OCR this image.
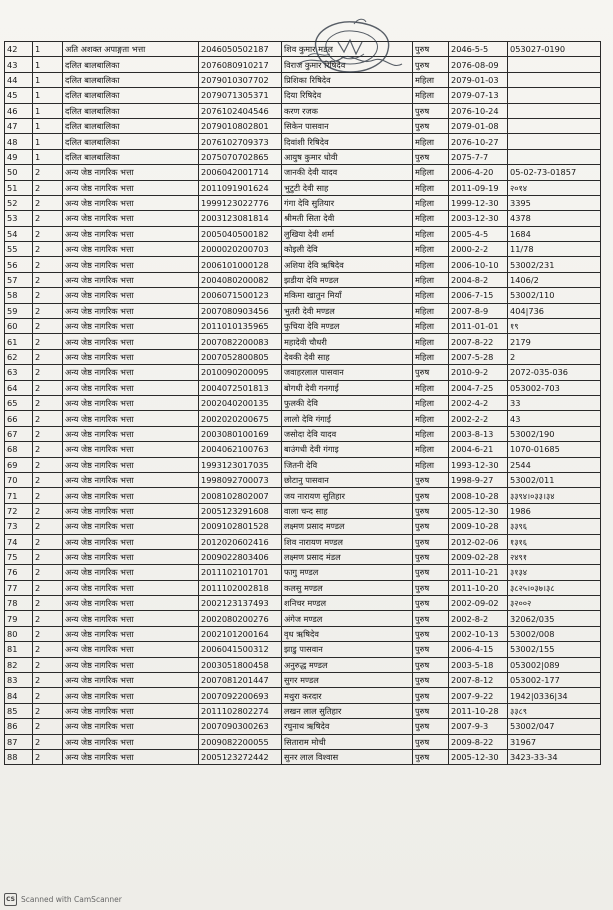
42	1	अति अशक्त अपाङ्गता भत्ता	2046050502187	शिव कुमार मडल	पुरुष	2046-5-5	053027-0190
43	1	दलित बालबालिका	2076080910217	विराज कुमार रिषिदेव	पुरुष	2076-08-09	
44	1	दलित बालबालिका	2079010307702	प्रिशिका रिषिदेव	महिला	2079-01-03	
45	1	दलित बालबालिका	2079071305371	दिया रिषिदेव	महिला	2079-07-13	
46	1	दलित बालबालिका	2076102404546	करण रजक	पुरुष	2076-10-24	
47	1	दलित बालबालिका	2079010802801	सिकेन पासवान	पुरुष	2079-01-08	
48	1	दलित बालबालिका	2076102709373	दिवांशी रिषिदेव	महिला	2076-10-27	
49	1	दलित बालबालिका	2075070702865	आयुष कुमार धोवी	पुरुष	2075-7-7	
50	2	अन्य जेष्ठ नागरिक भत्ता	2006042001714	जानकी देवी यादव	महिला	2006-4-20	05-02-73-01857
51	2	अन्य जेष्ठ नागरिक भत्ता	2011091901624	भुटुटी देवी साह	महिला	2011-09-19	२०१४
52	2	अन्य जेष्ठ नागरिक भत्ता	1999123022776	गंगा देवि सुतियार	महिला	1999-12-30	3395
53	2	अन्य जेष्ठ नागरिक भत्ता	2003123081814	श्रीमती सिता देवी	महिला	2003-12-30	4378
54	2	अन्य जेष्ठ नागरिक भत्ता	2005040500182	लुखिया देवी शर्मा	महिला	2005-4-5	1684
55	2	अन्य जेष्ठ नागरिक भत्ता	2000020200703	कोइली देवि	महिला	2000-2-2	11/78
56	2	अन्य जेष्ठ नागरिक भत्ता	2006101000128	अशिया देवि ऋषिदेव	महिला	2006-10-10	53002/231
57	2	अन्य जेष्ठ नागरिक भत्ता	2004080200082	झडीया देवि मण्डल	महिला	2004-8-2	1406/2
58	2	अन्य जेष्ठ नागरिक भत्ता	2006071500123	मकिमा खातुन मियाँ	महिला	2006-7-15	53002/110
59	2	अन्य जेष्ठ नागरिक भत्ता	2007080903456	भुतरी देवी मण्डल	महिला	2007-8-9	404|736
60	2	अन्य जेष्ठ नागरिक भत्ता	2011010135965	फुचिया देवि मण्डल	महिला	2011-01-01	१९
61	2	अन्य जेष्ठ नागरिक भत्ता	2007082200083	महादेवी चौधरी	महिला	2007-8-22	2179
62	2	अन्य जेष्ठ नागरिक भत्ता	2007052800805	देवकी देवी साह	महिला	2007-5-28	2
63	2	अन्य जेष्ठ नागरिक भत्ता	2010090200095	जवाहरलाल पासवान	पुरुष	2010-9-2	2072-035-036
64	2	अन्य जेष्ठ नागरिक भत्ता	2004072501813	बोगधी देवी गनगाई	महिला	2004-7-25	053002-703
65	2	अन्य जेष्ठ नागरिक भत्ता	2002040200135	फुलकी देवि	महिला	2002-4-2	33
66	2	अन्य जेष्ठ नागरिक भत्ता	2002020200675	लालो देवि गंगाई	महिला	2002-2-2	43
67	2	अन्य जेष्ठ नागरिक भत्ता	2003080100169	जसोदा देवि यादव	महिला	2003-8-13	53002/190
68	2	अन्य जेष्ठ नागरिक भत्ता	2004062100763	बाउंगधी देवी गंगाइ	महिला	2004-6-21	1070-01685
69	2	अन्य जेष्ठ नागरिक भत्ता	1993123017035	जितनी देवि	महिला	1993-12-30	2544
70	2	अन्य जेष्ठ नागरिक भत्ता	1998092700073	छोटानु पासवान	पुरुष	1998-9-27	53002/011
71	2	अन्य जेष्ठ नागरिक भत्ता	2008102802007	जय नारायण सुतिहार	पुरुष	2008-10-28	३३९४।०३३।३४
72	2	अन्य जेष्ठ नागरिक भत्ता	2005123291608	वाला चन्द साह	पुरुष	2005-12-30	1986
73	2	अन्य जेष्ठ नागरिक भत्ता	2009102801528	लक्ष्मण प्रसाद मण्डल	पुरुष	2009-10-28	३३९६
74	2	अन्य जेष्ठ नागरिक भत्ता	2012020602416	शिव नारायण मण्डल	पुरुष	2012-02-06	१३१६
75	2	अन्य जेष्ठ नागरिक भत्ता	2009022803406	लक्ष्मण प्रसाद मंडल	पुरुष	2009-02-28	२४९१
76	2	अन्य जेष्ठ नागरिक भत्ता	2011102101701	फागु मण्डल	पुरुष	2011-10-21	३१३४
77	2	अन्य जेष्ठ नागरिक भत्ता	2011102002818	कलसु मण्डल	पुरुष	2011-10-20	३८२५।०३७।३८
78	2	अन्य जेष्ठ नागरिक भत्ता	2002123137493	शनिचर मण्डल	पुरुष	2002-09-02	३२००२
79	2	अन्य जेष्ठ नागरिक भत्ता	2002080200276	अंगेज मण्डल	पुरुष	2002-8-2	32062/035
80	2	अन्य जेष्ठ नागरिक भत्ता	2002101200164	वृध ऋषिदेव	पुरुष	2002-10-13	53002/008
81	2	अन्य जेष्ठ नागरिक भत्ता	2006041500312	झाडु पासवान	पुरुष	2006-4-15	53002/155
82	2	अन्य जेष्ठ नागरिक भत्ता	2003051800458	अनुरुद्ध मण्डल	पुरुष	2003-5-18	053002|089
83	2	अन्य जेष्ठ नागरिक भत्ता	2007081201447	सुगर मण्डल	पुरुष	2007-8-12	053002-177
84	2	अन्य जेष्ठ नागरिक भत्ता	2007092200693	मथुरा करदार	पुरुष	2007-9-22	1942|0336|34
85	2	अन्य जेष्ठ नागरिक भत्ता	2011102802274	लखन लाल सुतिहार	पुरुष	2011-10-28	३३८९
86	2	अन्य जेष्ठ नागरिक भत्ता	2007090300263	रघुनाथ ऋषिदेव	पुरुष	2007-9-3	53002/047
87	2	अन्य जेष्ठ नागरिक भत्ता	2009082200055	सिताराम मोची	पुरुष	2009-8-22	31967
88	2	अन्य जेष्ठ नागरिक भत्ता	2005123272442	सुनर लाल विश्वास	पुरुष	2005-12-30	3423-33-34
CS Scanned with CamScanner
